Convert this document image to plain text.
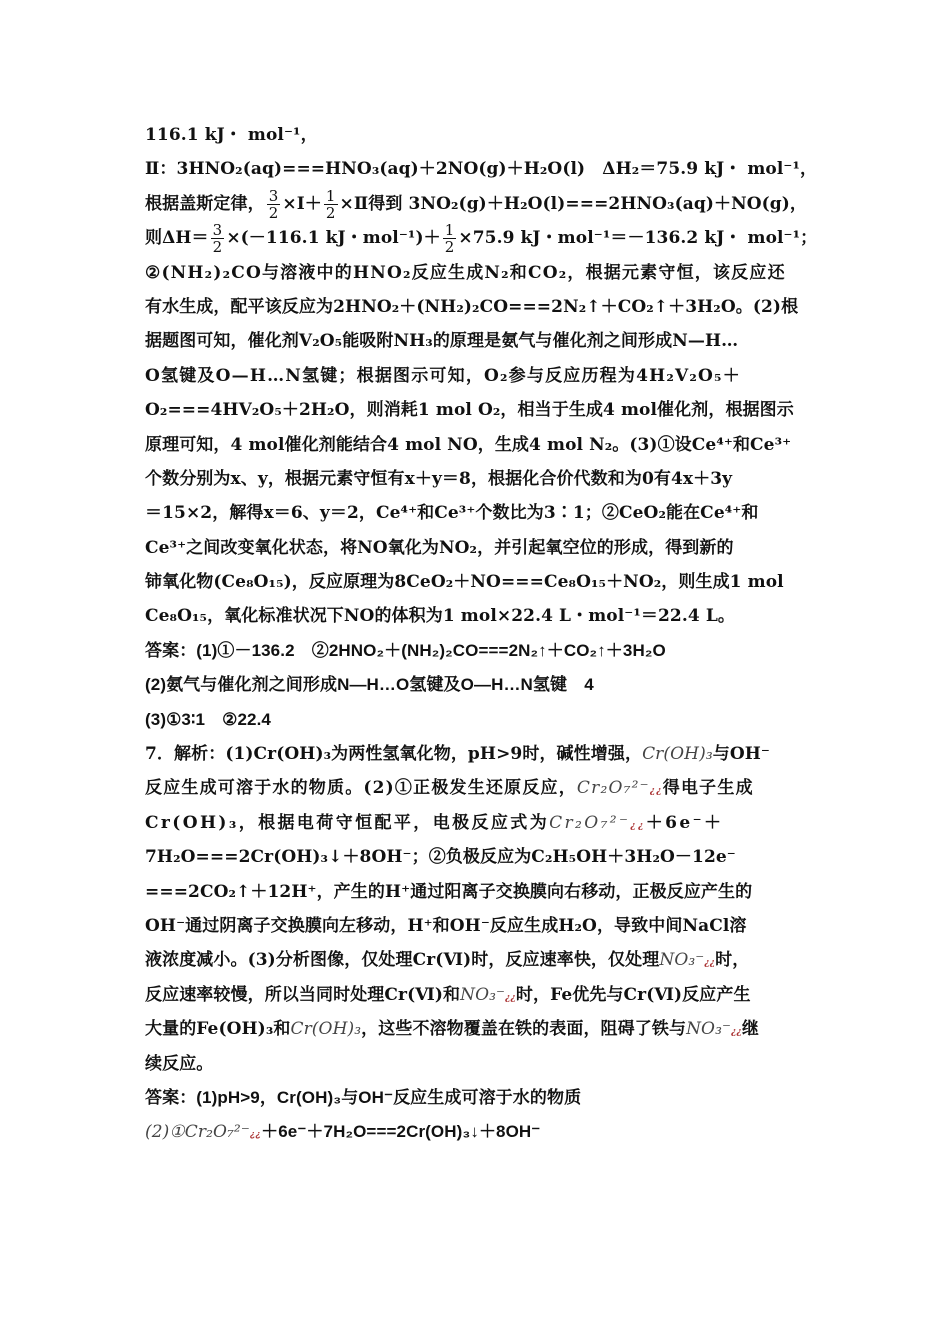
116.1 kJ・ mol⁻¹，
Ⅱ：3HNO₂(aq)===HNO₃(aq)＋2NO(g)＋H₂O(l)　ΔH₂＝75.9 kJ・ mol⁻¹，
根据盖斯定律， $\frac{3}{2}$ ×Ⅰ＋ $\frac{1}{2}$ ×Ⅱ得到 3NO₂(g)＋H₂O(l)===2HNO₃(aq)＋NO(g)，
则$\Delta H= \frac{3}{2} \times(-116.1$ kJ・$mol^{-1})+ \frac{1}{2} \times 75.9$ kJ・mol⁻¹＝－136.2 kJ・ mol⁻¹；
②(NH₂)₂CO与溶液中的HNO₂反应生成N₂和CO₂，根据元素守恒，该反应还
有水生成，配平该反应为2HNO₂＋(NH₂)₂CO===2N₂↑＋CO₂↑＋3H₂O。(2)根
据题图可知，催化剂V₂O₅能吸附NH₃的原理是氨气与催化剂之间形成N—H…
O氢键及O—H…N氢键；根据图示可知，O₂参与反应历程为4H₂V₂O₅＋
O₂===4HV₂O₅＋2H₂O，则消耗1 mol O₂，相当于生成4 mol催化剂，根据图示
原理可知，4 mol催化剂能结合4 mol NO，生成4 mol N₂。(3)①设Ce⁴⁺和Ce³⁺
个数分别为x、y，根据元素守恒有x＋y＝8，根据化合价代数和为0有4x＋3y
＝15×2，解得x＝6、y＝2，Ce⁴⁺和Ce³⁺个数比为3∶1；②CeO₂能在Ce⁴⁺和
Ce³⁺之间改变氧化状态，将NO氧化为NO₂，并引起氧空位的形成，得到新的
铈氧化物(Ce₈O₁₅)，反应原理为8CeO₂＋NO===Ce₈O₁₅＋NO₂，则生成1 mol
Ce₈O₁₅，氧化标准状况下NO的体积为1 mol×22.4 L・mol⁻¹＝22.4 L。
答案：(1)①－136.2　②2HNO₂＋(NH₂)₂CO===2N₂↑＋CO₂↑＋3H₂O
(2)氨气与催化剂之间形成N—H…O氢键及O—H…N氢键　4
(3)①3∶1　②22.4
7．解析：(1)Cr(OH)₃为两性氢氧化物，pH>9时，碱性增强，Cr(OH)₃与OH⁻
反应生成可溶于水的物质。(2)①正极发生还原反应，Cr₂O₇²⁻¿¿得电子生成
Cr(OH)₃，根据电荷守恒配平，电极反应式为Cr₂O₇²⁻¿¿＋6e⁻＋
7H₂O===2Cr(OH)₃↓＋8OH⁻；②负极反应为C₂H₅OH＋3H₂O－12e⁻
===2CO₂↑＋12H⁺，产生的H⁺通过阳离子交换膜向右移动，正极反应产生的
OH⁻通过阴离子交换膜向左移动，H⁺和OH⁻反应生成H₂O，导致中间NaCl溶
液浓度减小。(3)分析图像，仅处理Cr(Ⅵ)时，反应速率快，仅处理NO₃⁻¿¿时，
反应速率较慢，所以当同时处理Cr(Ⅵ)和NO₃⁻¿¿时，Fe优先与Cr(Ⅵ)反应产生
大量的Fe(OH)₃和Cr(OH)₃，这些不溶物覆盖在铁的表面，阻碍了铁与NO₃⁻¿¿继
续反应。
答案：(1)pH>9，Cr(OH)₃与OH⁻反应生成可溶于水的物质
(2)①Cr₂O₇²⁻¿¿＋6e⁻＋7H₂O===2Cr(OH)₃↓＋8OH⁻
